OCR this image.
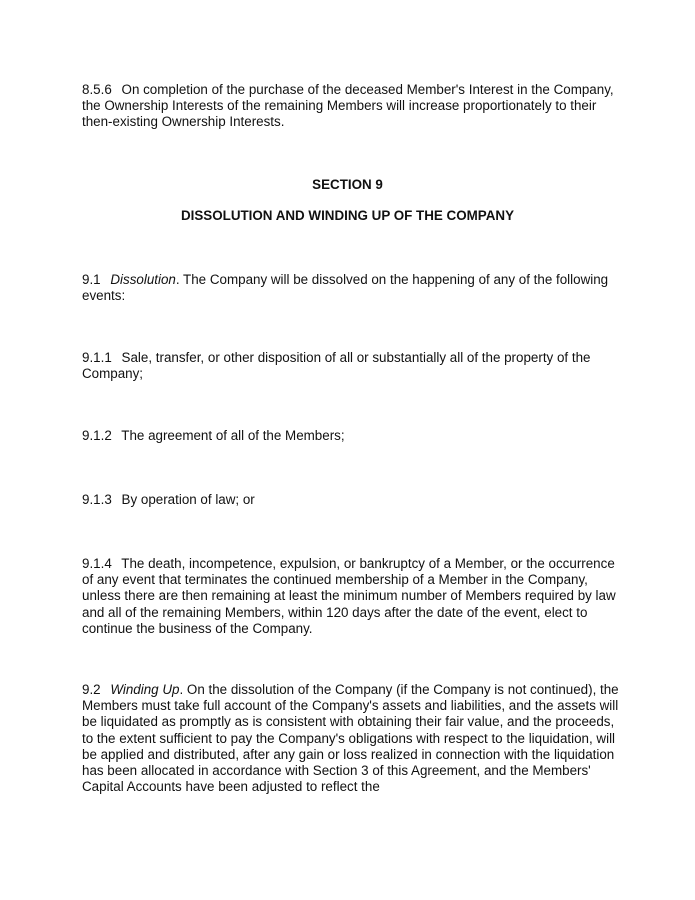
8.5.6 On completion of the purchase of the deceased Member's Interest in the Company, the Ownership Interests of the remaining Members will increase proportionately to their then-existing Ownership Interests.

SECTION 9

DISSOLUTION AND WINDING UP OF THE COMPANY

9.1 Dissolution. The Company will be dissolved on the happening of any of the following events:

9.1.1 Sale, transfer, or other disposition of all or substantially all of the property of the Company;

9.1.2 The agreement of all of the Members;

9.1.3 By operation of law; or

9.1.4 The death, incompetence, expulsion, or bankruptcy of a Member, or the occurrence of any event that terminates the continued membership of a Member in the Company, unless there are then remaining at least the minimum number of Members required by law and all of the remaining Members, within 120 days after the date of the event, elect to continue the business of the Company.

9.2 Winding Up. On the dissolution of the Company (if the Company is not continued), the Members must take full account of the Company's assets and liabilities, and the assets will be liquidated as promptly as is consistent with obtaining their fair value, and the proceeds, to the extent sufficient to pay the Company's obligations with respect to the liquidation, will be applied and distributed, after any gain or loss realized in connection with the liquidation has been allocated in accordance with Section 3 of this Agreement, and the Members' Capital Accounts have been adjusted to reflect the
